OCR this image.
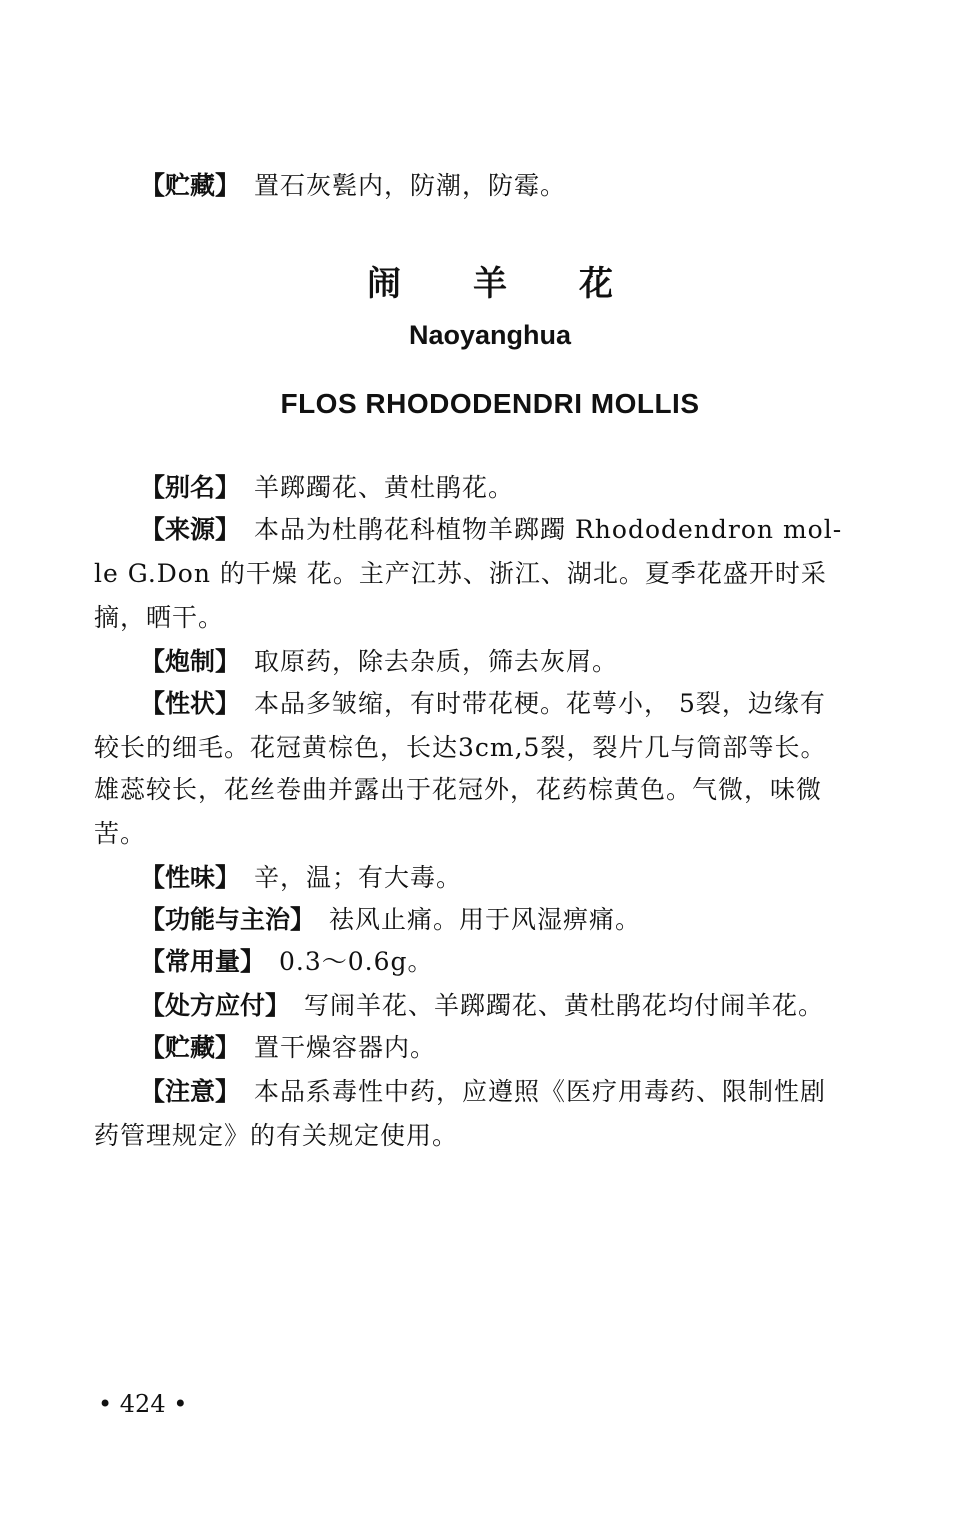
【贮藏】 置石灰甏内，防潮，防霉。
闹羊花
Naoyanghua
FLOS RHODODENDRI MOLLIS
【别名】 羊踯躅花、黄杜鹃花。
【来源】 本品为杜鹃花科植物羊踯躅 Rhododendron mol-
le G.Don 的干燥 花。主产江苏、浙江、湖北。夏季花盛开时采
摘，晒干。
【炮制】 取原药，除去杂质，筛去灰屑。
【性状】 本品多皱缩，有时带花梗。花萼小， 5裂，边缘有
较长的细毛。花冠黄棕色，长达3cm,5裂，裂片几与筒部等长。
雄蕊较长，花丝卷曲并露出于花冠外，花药棕黄色。气微，味微
苦。
【性味】 辛，温；有大毒。
【功能与主治】 祛风止痛。用于风湿痹痛。
【常用量】 0.3～0.6g。
【处方应付】 写闹羊花、羊踯躅花、黄杜鹃花均付闹羊花。
【贮藏】 置干燥容器内。
【注意】 本品系毒性中药，应遵照《医疗用毒药、限制性剧
药管理规定》的有关规定使用。
• 424 •
